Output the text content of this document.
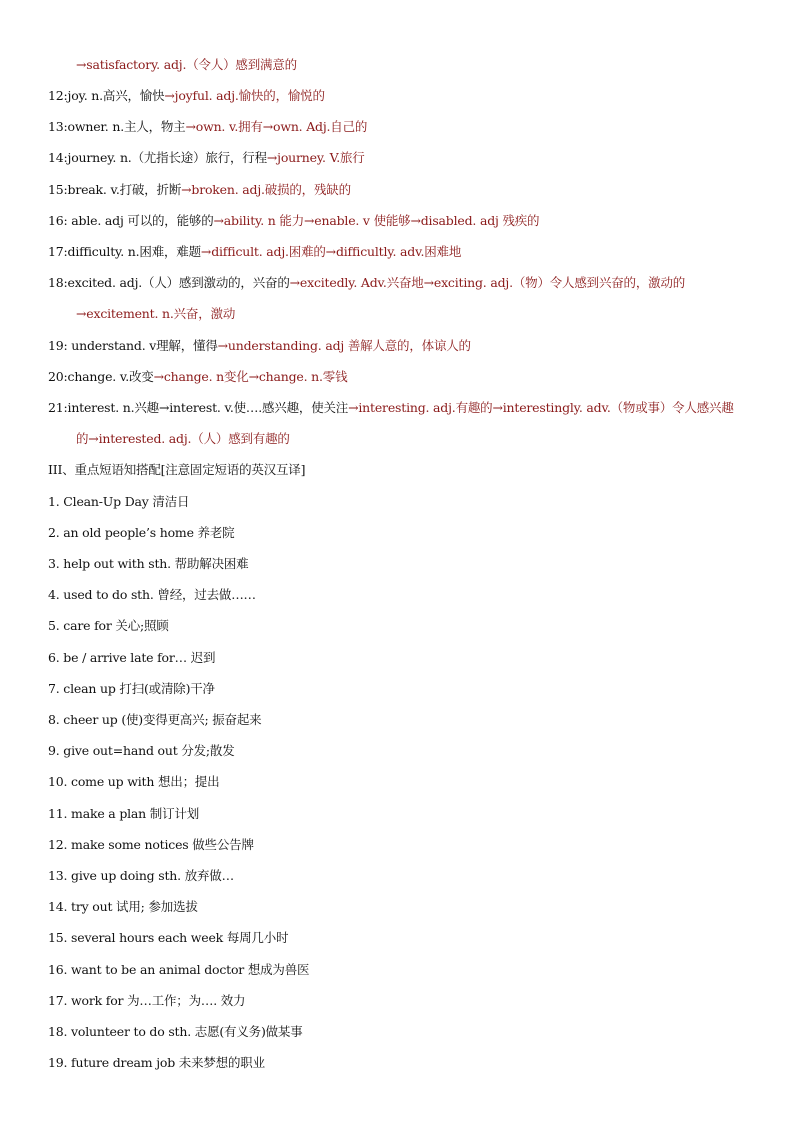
→satisfactory. adj.（令人）感到满意的
12:joy. n.高兴，愉快→joyful. adj.愉快的，愉悦的
13:owner. n.主人，物主→own. v.拥有→own. Adj.自己的
14:journey. n.（尤指长途）旅行，行程→journey. V.旅行
15:break. v.打破，折断→broken. adj.破损的，残缺的
16: able. adj 可以的，能够的→ability. n 能力→enable. v 使能够→disabled. adj 残疾的
17:difficulty. n.困难，难题→difficult. adj.困难的→difficultly. adv.困难地
18:excited. adj.（人）感到激动的，兴奋的→excitedly. Adv.兴奋地→exciting. adj.（物）令人感到兴奋的，激动的
→excitement. n.兴奋，激动
19: understand. v理解，懂得→understanding. adj 善解人意的，体谅人的
20:change. v.改变→change. n变化→change. n.零钱
21:interest. n.兴趣→interest. v.使….感兴趣，使关注→interesting. adj.有趣的→interestingly. adv.（物或事）令人感兴趣
的→interested. adj.（人）感到有趣的
III、重点短语知搭配[注意固定短语的英汉互译]
1. Clean-Up Day 清洁日
2. an old people’s home 养老院
3. help out with sth. 帮助解决困难
4. used to do sth. 曾经，过去做……
5. care for 关心;照顾
6. be / arrive late for… 迟到
7. clean up 打扫(或清除)干净
8. cheer up (使)变得更高兴; 振奋起来
9. give out=hand out 分发;散发
10. come up with 想出；提出
11. make a plan 制订计划
12. make some notices 做些公告牌
13. give up doing sth. 放弃做…
14. try out 试用; 参加选拔
15. several hours each week 每周几小时
16. want to be an animal doctor 想成为兽医
17. work for 为…工作；为…. 效力
18. volunteer to do sth. 志愿(有义务)做某事
19. future dream job 未来梦想的职业
